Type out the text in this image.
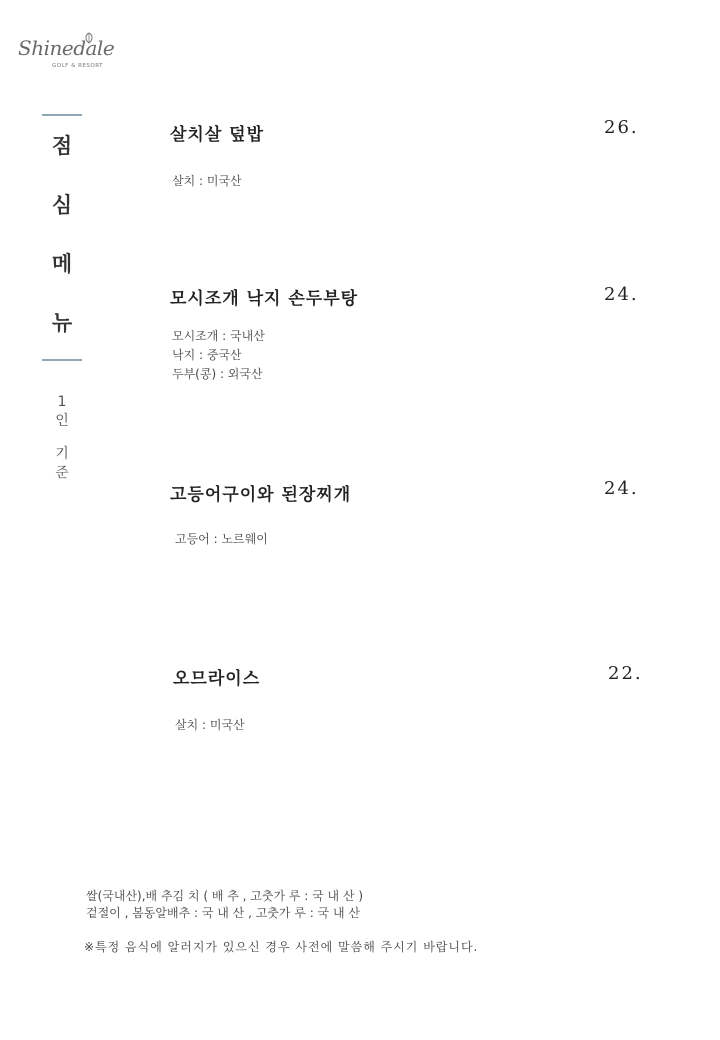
Shinedale
GOLF & RESORT
점
심
메
뉴
1
인
기
준
살치살 덮밥	26.
살치 : 미국산
모시조개 낙지 손두부탕	24.
모시조개 : 국내산
낙지 : 중국산
두부(콩) : 외국산
고등어구이와 된장찌개	24.
고등어 : 노르웨이
오므라이스	22.
살치 : 미국산
쌀(국내산),배 추김 치 ( 배 추 , 고춧가 루 : 국 내 산 )
겉절이 , 봄동알배추 : 국 내 산 , 고춧가 루 : 국 내 산
※특정 음식에 알러지가 있으신 경우 사전에 말씀해 주시기 바랍니다.
